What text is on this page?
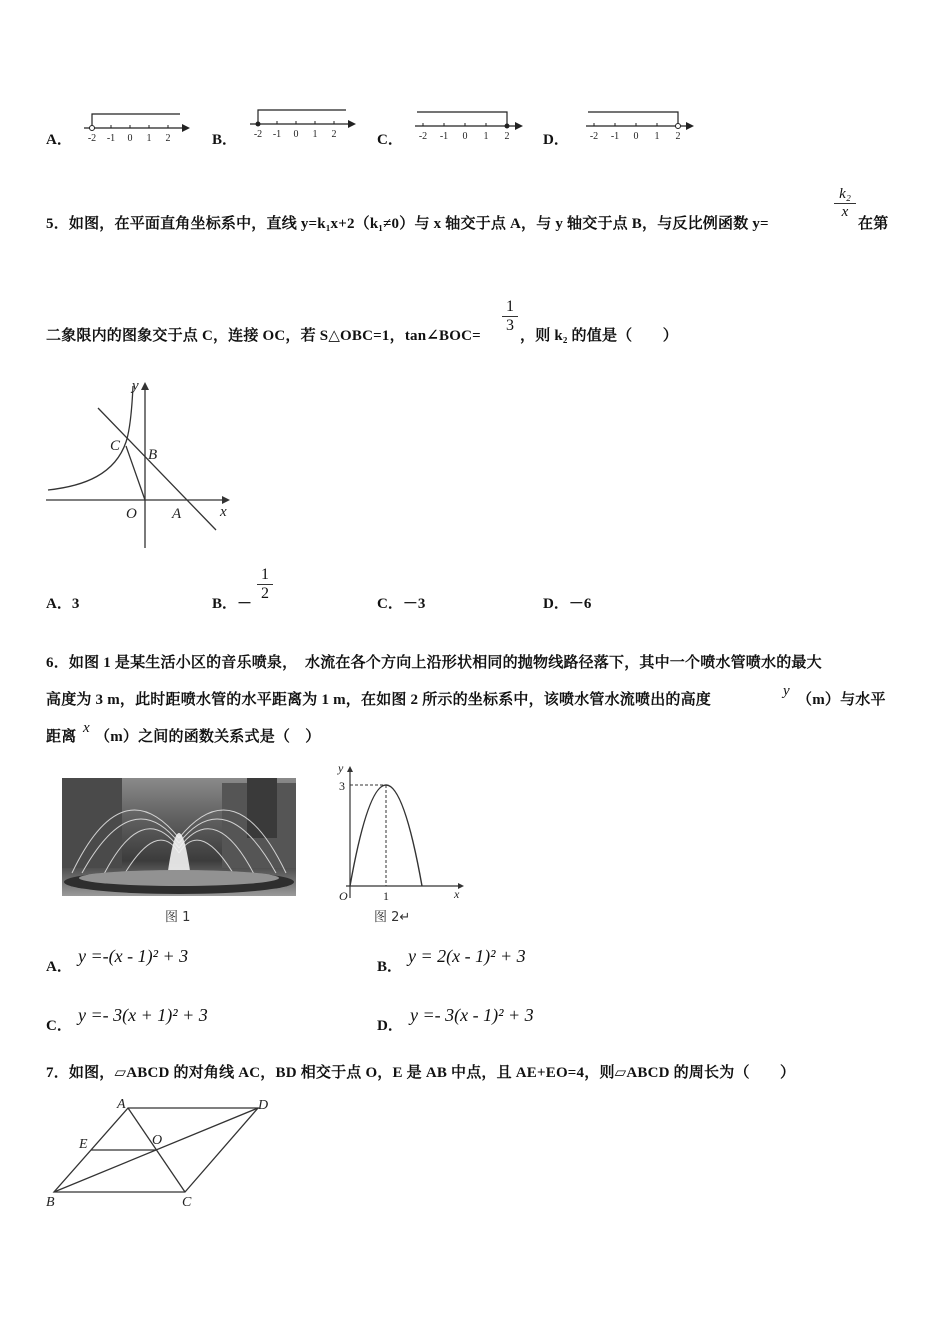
A． -2 -1 0 1 2	B． -2 -1 0 1 2	C． -2 -1 0 1 2 D． -2 -1 0 1 2
5．如图，在平面直角坐标系中，直线 y=k₁x+2（k₁≠0）与 x 轴交于点 A，与 y 轴交于点 B，与反比例函数 y=
$\frac{\text{k₂}}{x}$
在第
二象限内的图象交于点 C，连接 OC，若 S△OBC=1，tan∠BOC=
$\frac{1}{3}$
，则 k₂ 的值是（　　）
y
x
C
B
O A
A．3	B．－
$\frac{1}{2}$
C．－3	D．－6
6．如图 1 是某生活小区的音乐喷泉，　水流在各个方向上沿形状相同的抛物线路径落下，其中一个喷水管喷水的最大
高度为 3 m，此时距喷水管的水平距离为 1 m，在如图 2 所示的坐标系中，该喷水管水流喷出的高度
y
（m）与水平
距离
x
（m）之间的函数关系式是（　）
图 1
y
3
O	1	x
图 2↵
A．
y =-(x - 1)² + 3
B．
y = 2(x - 1)² + 3
C．
y =- 3(x + 1)² + 3
D．
y =- 3(x - 1)² + 3
7．如图，▱ABCD 的对角线 AC，BD 相交于点 O，E 是 AB 中点，且 AE+EO=4，则▱ABCD 的周长为（　　）
A	D
E	O
B	C
